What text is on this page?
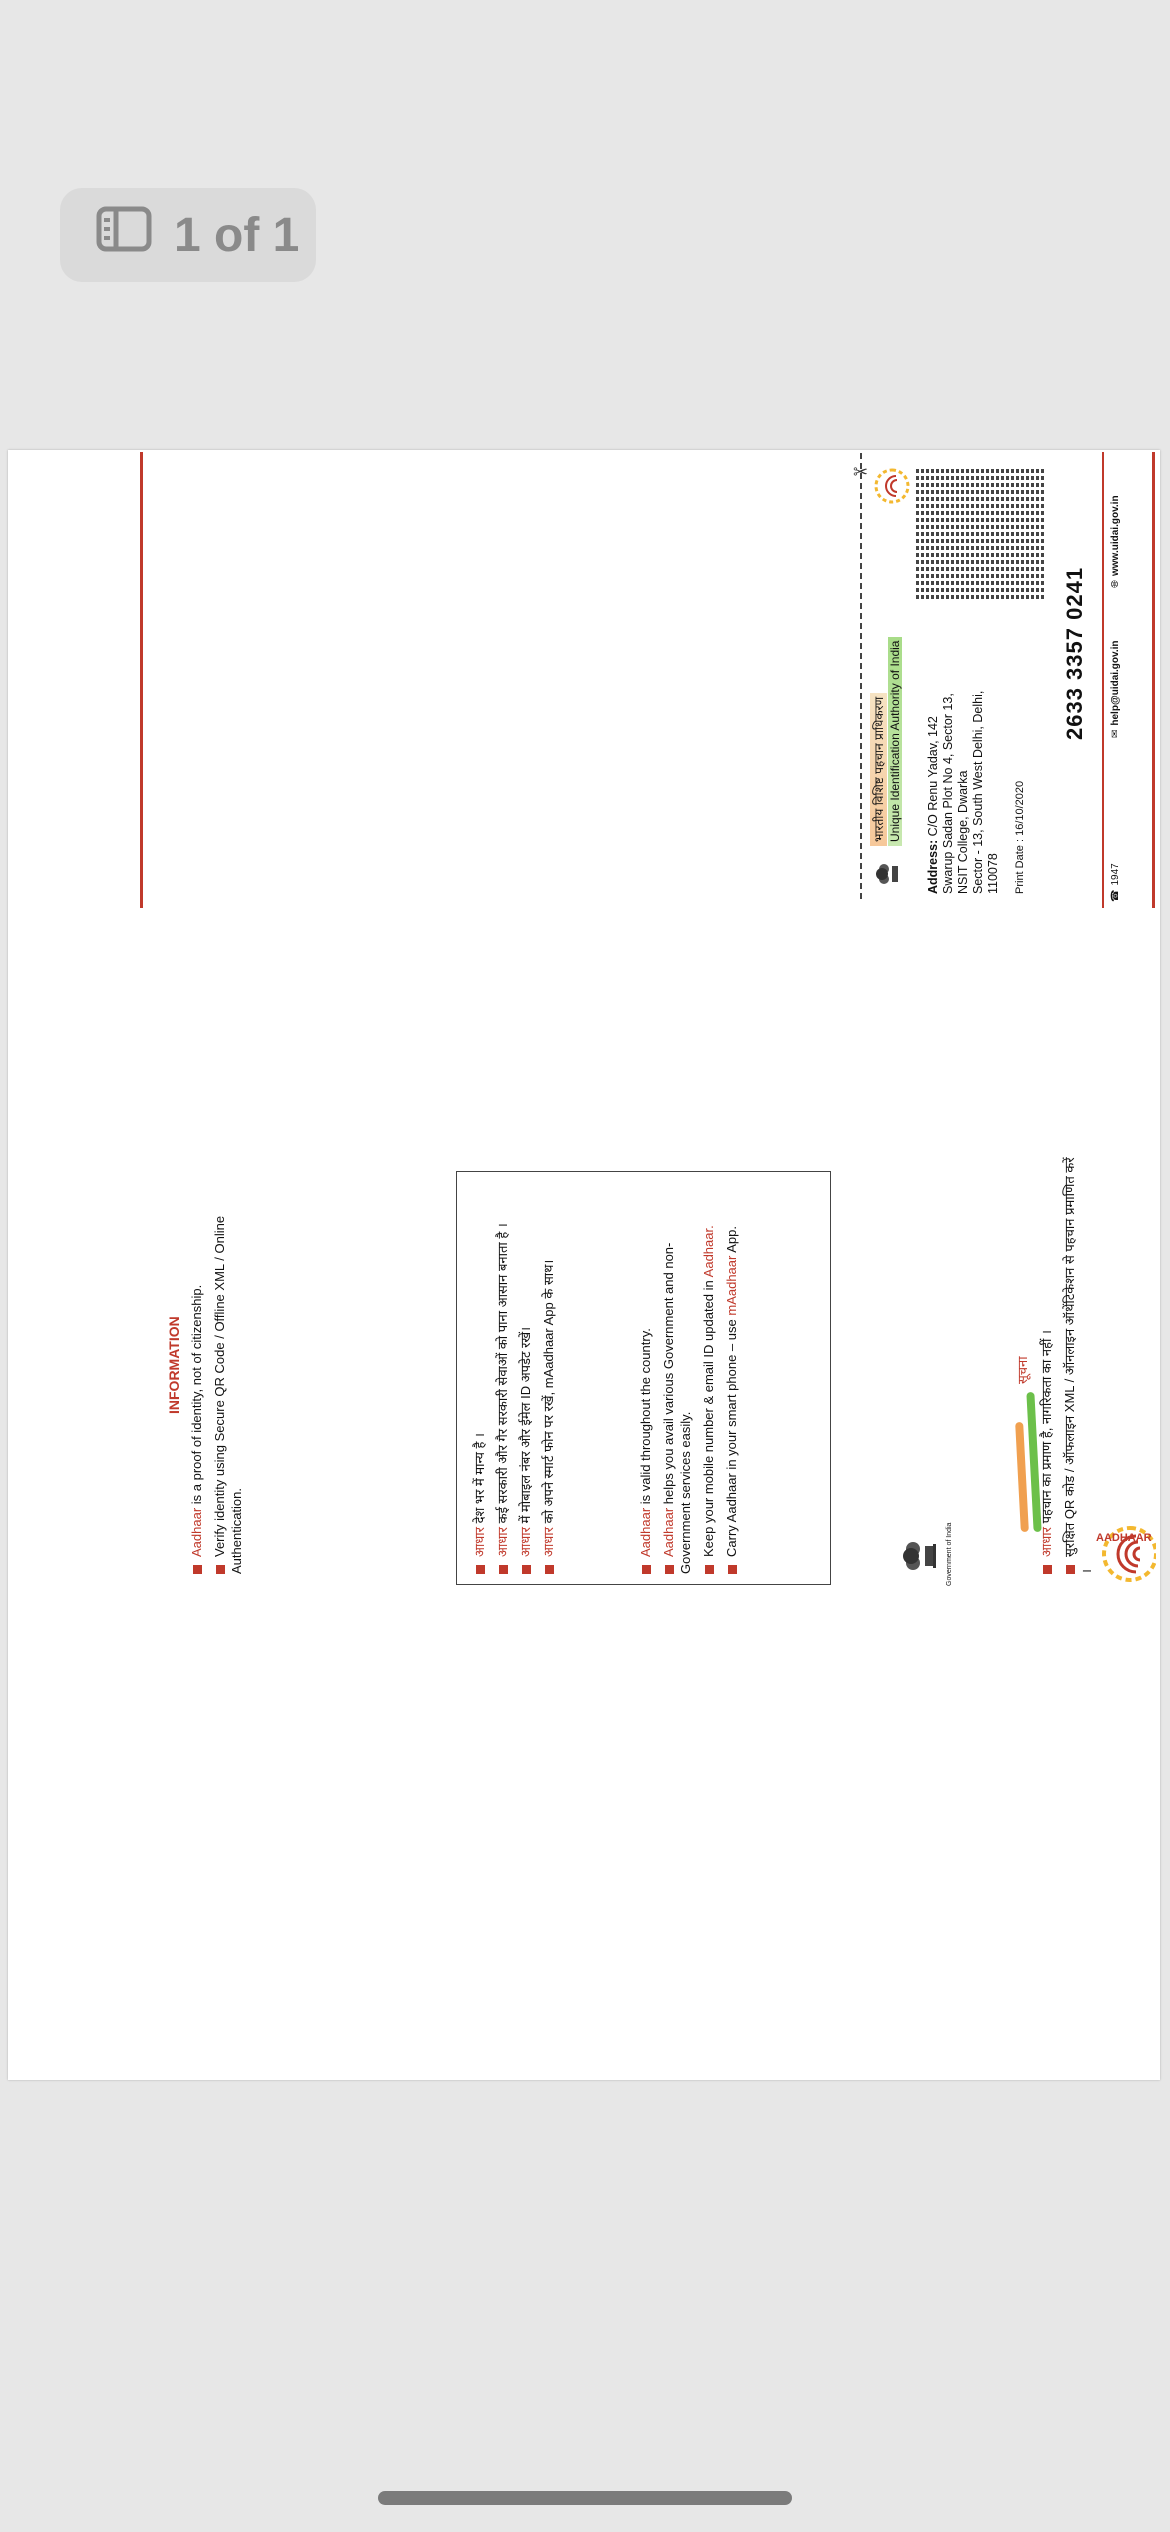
1 of 1
Government of India	AADHAAR
सूचना
आधार पहचान का प्रमाण है, नागरिकता का नहीं । सुरक्षित QR कोड / ऑफलाइन XML / ऑनलाइन ऑथेंटिकेशन से पहचान प्रमाणित करें ।
INFORMATION
Aadhaar is a proof of identity, not of citizenship. Verify identity using Secure QR Code / Offline XML / Online Authentication.	आधार देश भर में मान्य है ।
आधार कई सरकारी और गैर सरकारी सेवाओं को पाना आसान बनाता है ।
आधार में मोबाइल नंबर और ईमेल ID अपडेट रखें।
आधार को अपने स्मार्ट फोन पर रखें, mAadhaar App के साथ।
Aadhaar is valid throughout the country.
Aadhaar helps you avail various Government and non-Government services easily. Keep your mobile number & email ID updated in Aadhaar.
Carry Aadhaar in your smart phone – use mAadhaar App.
✂
भारतीय विशिष्ट पहचान प्राधिकरण Unique Identification Authority of India
Address: C/O Renu Yadav, 142 Swarup Sadan Plot No 4, Sector 13, NSIT College, Dwarka Sector - 13, South West Delhi, Delhi, 110078 Print Date : 16/10/2020
2633 3357 0241
☎
1947
✉
help@uidai.gov.in
🌐︎
www.uidai.gov.in
